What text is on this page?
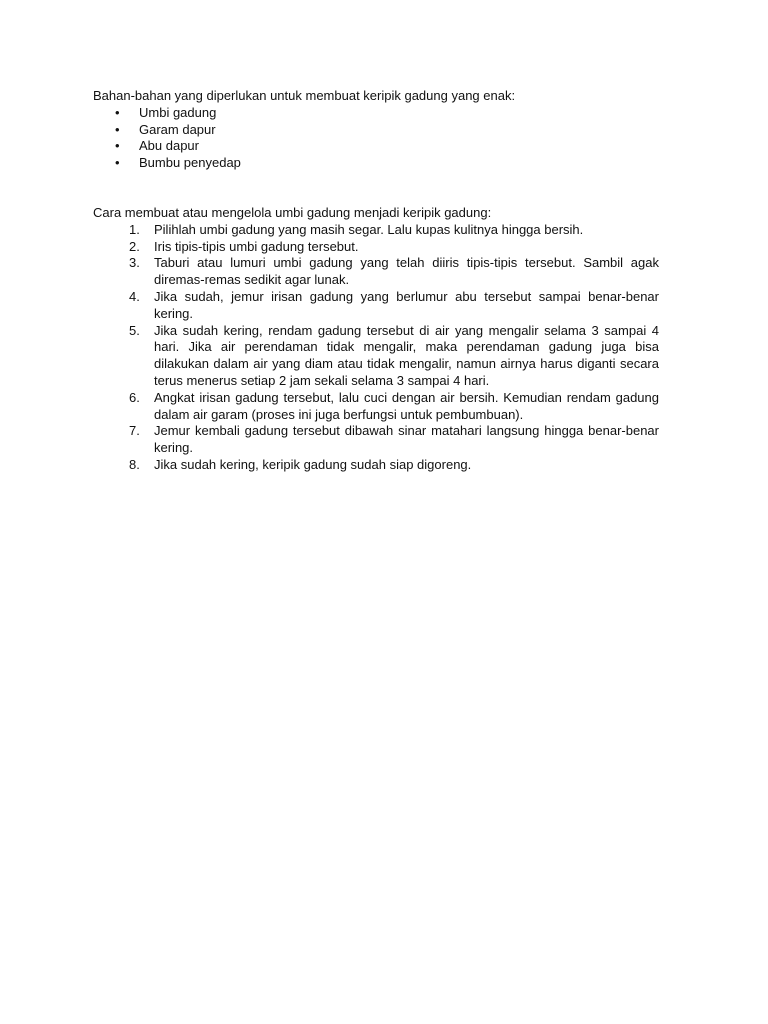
Bahan-bahan yang diperlukan untuk membuat keripik gadung yang enak:

• Umbi gadung
• Garam dapur
• Abu dapur
• Bumbu penyedap

Cara membuat atau mengelola umbi gadung menjadi keripik gadung:

1. Pilihlah umbi gadung yang masih segar. Lalu kupas kulitnya hingga bersih.
2. Iris tipis-tipis umbi gadung tersebut.
3. Taburi atau lumuri umbi gadung yang telah diiris tipis-tipis tersebut. Sambil agak diremas-remas sedikit agar lunak.
4. Jika sudah, jemur irisan gadung yang berlumur abu tersebut sampai benar-benar kering.
5. Jika sudah kering, rendam gadung tersebut di air yang mengalir selama 3 sampai 4 hari. Jika air perendaman tidak mengalir, maka perendaman gadung juga bisa dilakukan dalam air yang diam atau tidak mengalir, namun airnya harus diganti secara terus menerus setiap 2 jam sekali selama 3 sampai 4 hari.
6. Angkat irisan gadung tersebut, lalu cuci dengan air bersih. Kemudian rendam gadung dalam air garam (proses ini juga berfungsi untuk pembumbuan).
7. Jemur kembali gadung tersebut dibawah sinar matahari langsung hingga benar-benar kering.
8. Jika sudah kering, keripik gadung sudah siap digoreng.
